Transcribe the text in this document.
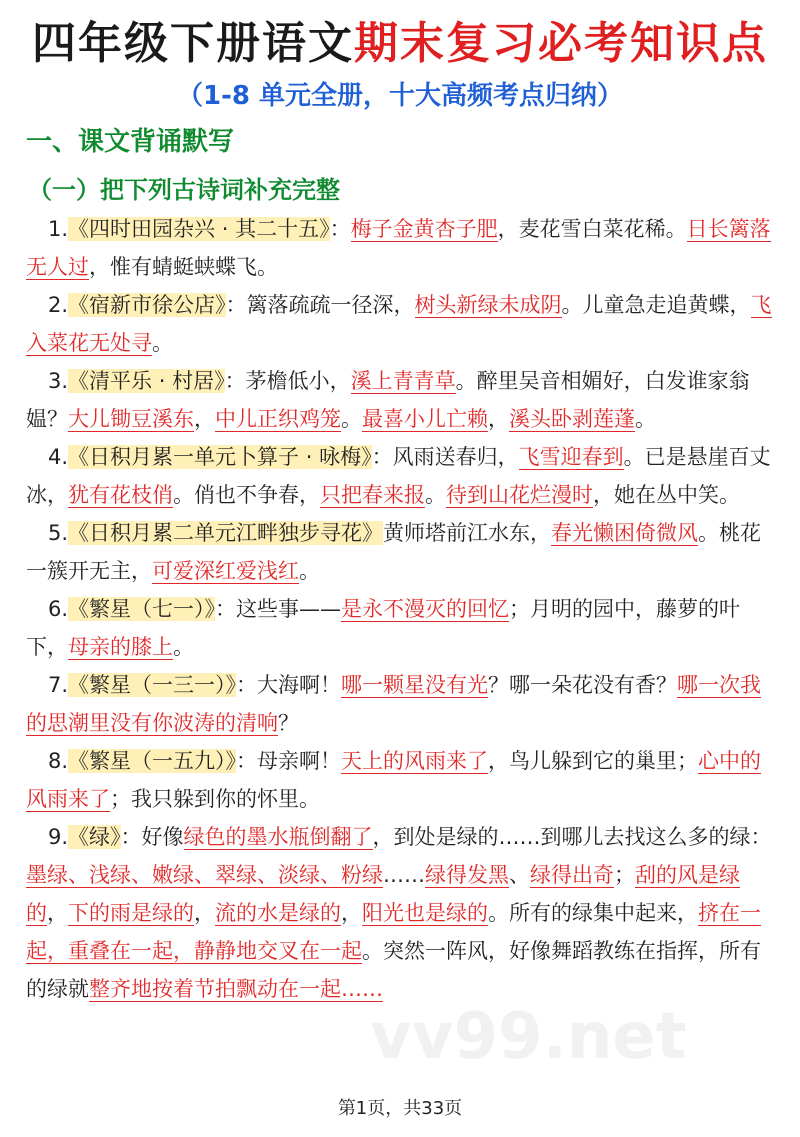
四年级下册语文期末复习必考知识点
（1-8 单元全册，十大高频考点归纳）
一、课文背诵默写
（一）把下列古诗词补充完整

1.《四时田园杂兴 · 其二十五》：梅子金黄杏子肥，麦花雪白菜花稀。日长篱落无人过，惟有蜻蜓蛱蝶飞。

2.《宿新市徐公店》：篱落疏疏一径深，树头新绿未成阴。儿童急走追黄蝶，飞入菜花无处寻。

3.《清平乐 · 村居》：茅檐低小，溪上青青草。醉里吴音相媚好，白发谁家翁媪？大儿锄豆溪东，中儿正织鸡笼。最喜小儿亡赖，溪头卧剥莲蓬。

4.《日积月累一单元卜算子 · 咏梅》：风雨送春归，飞雪迎春到。已是悬崖百丈冰，犹有花枝俏。俏也不争春，只把春来报。待到山花烂漫时，她在丛中笑。

5.《日积月累二单元江畔独步寻花》黄师塔前江水东，春光懒困倚微风。桃花一簇开无主，可爱深红爱浅红。

6.《繁星（七一）》：这些事——是永不漫灭的回忆；月明的园中，藤萝的叶下，母亲的膝上。

7.《繁星（一三一）》：大海啊！哪一颗星没有光？哪一朵花没有香？哪一次我的思潮里没有你波涛的清响？

8.《繁星（一五九）》：母亲啊！天上的风雨来了，鸟儿躲到它的巢里；心中的风雨来了；我只躲到你的怀里。

9.《绿》：好像绿色的墨水瓶倒翻了，到处是绿的……到哪儿去找这么多的绿：墨绿、浅绿、嫩绿、翠绿、淡绿、粉绿……绿得发黑、绿得出奇；刮的风是绿的，下的雨是绿的，流的水是绿的，阳光也是绿的。所有的绿集中起来，挤在一起，重叠在一起，静静地交叉在一起。突然一阵风，好像舞蹈教练在指挥，所有的绿就整齐地按着节拍飘动在一起……

vv99.net
第1页，共33页
